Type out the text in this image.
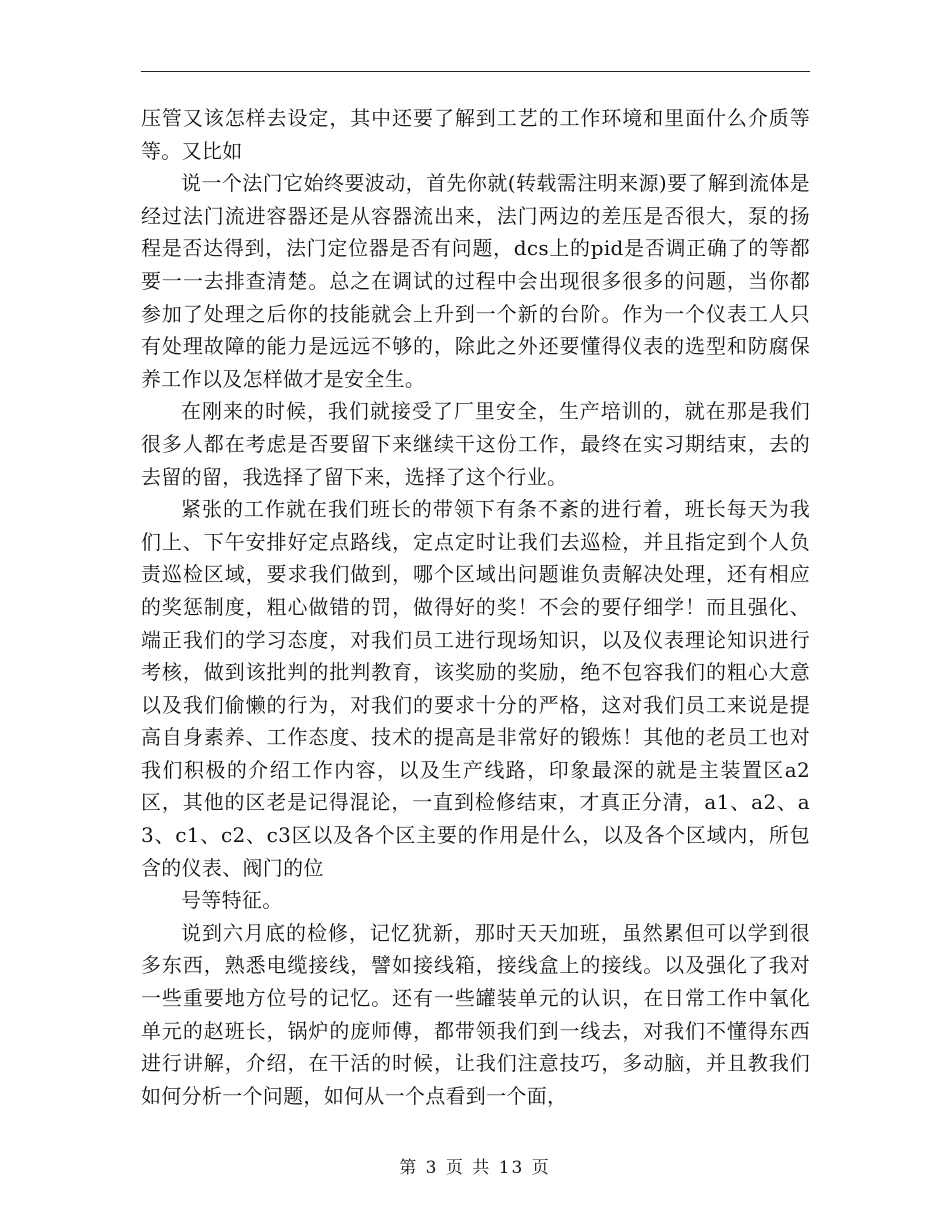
压管又该怎样去设定，其中还要了解到工艺的工作环境和里面什么介质等等。又比如

说一个法门它始终要波动，首先你就(转载需注明来源)要了解到流体是经过法门流进容器还是从容器流出来，法门两边的差压是否很大，泵的扬程是否达得到，法门定位器是否有问题，dcs上的pid是否调正确了的等都要一一去排查清楚。总之在调试的过程中会出现很多很多的问题，当你都参加了处理之后你的技能就会上升到一个新的台阶。作为一个仪表工人只有处理故障的能力是远远不够的，除此之外还要懂得仪表的选型和防腐保养工作以及怎样做才是安全生。

在刚来的时候，我们就接受了厂里安全，生产培训的，就在那是我们很多人都在考虑是否要留下来继续干这份工作，最终在实习期结束，去的去留的留，我选择了留下来，选择了这个行业。

紧张的工作就在我们班长的带领下有条不紊的进行着，班长每天为我们上、下午安排好定点路线，定点定时让我们去巡检，并且指定到个人负责巡检区域，要求我们做到，哪个区域出问题谁负责解决处理，还有相应的奖惩制度，粗心做错的罚，做得好的奖！不会的要仔细学！而且强化、端正我们的学习态度，对我们员工进行现场知识，以及仪表理论知识进行考核，做到该批判的批判教育，该奖励的奖励，绝不包容我们的粗心大意以及我们偷懒的行为，对我们的要求十分的严格，这对我们员工来说是提高自身素养、工作态度、技术的提高是非常好的锻炼！其他的老员工也对我们积极的介绍工作内容，以及生产线路，印象最深的就是主装置区a2区，其他的区老是记得混论，一直到检修结束，才真正分清，a1、a2、a3、c1、c2、c3区以及各个区主要的作用是什么，以及各个区域内，所包含的仪表、阀门的位

号等特征。

说到六月底的检修，记忆犹新，那时天天加班，虽然累但可以学到很多东西，熟悉电缆接线，譬如接线箱，接线盒上的接线。以及强化了我对一些重要地方位号的记忆。还有一些罐装单元的认识，在日常工作中氧化单元的赵班长，锅炉的庞师傅，都带领我们到一线去，对我们不懂得东西进行讲解，介绍，在干活的时候，让我们注意技巧，多动脑，并且教我们如何分析一个问题，如何从一个点看到一个面，

第 3 页 共 13 页
